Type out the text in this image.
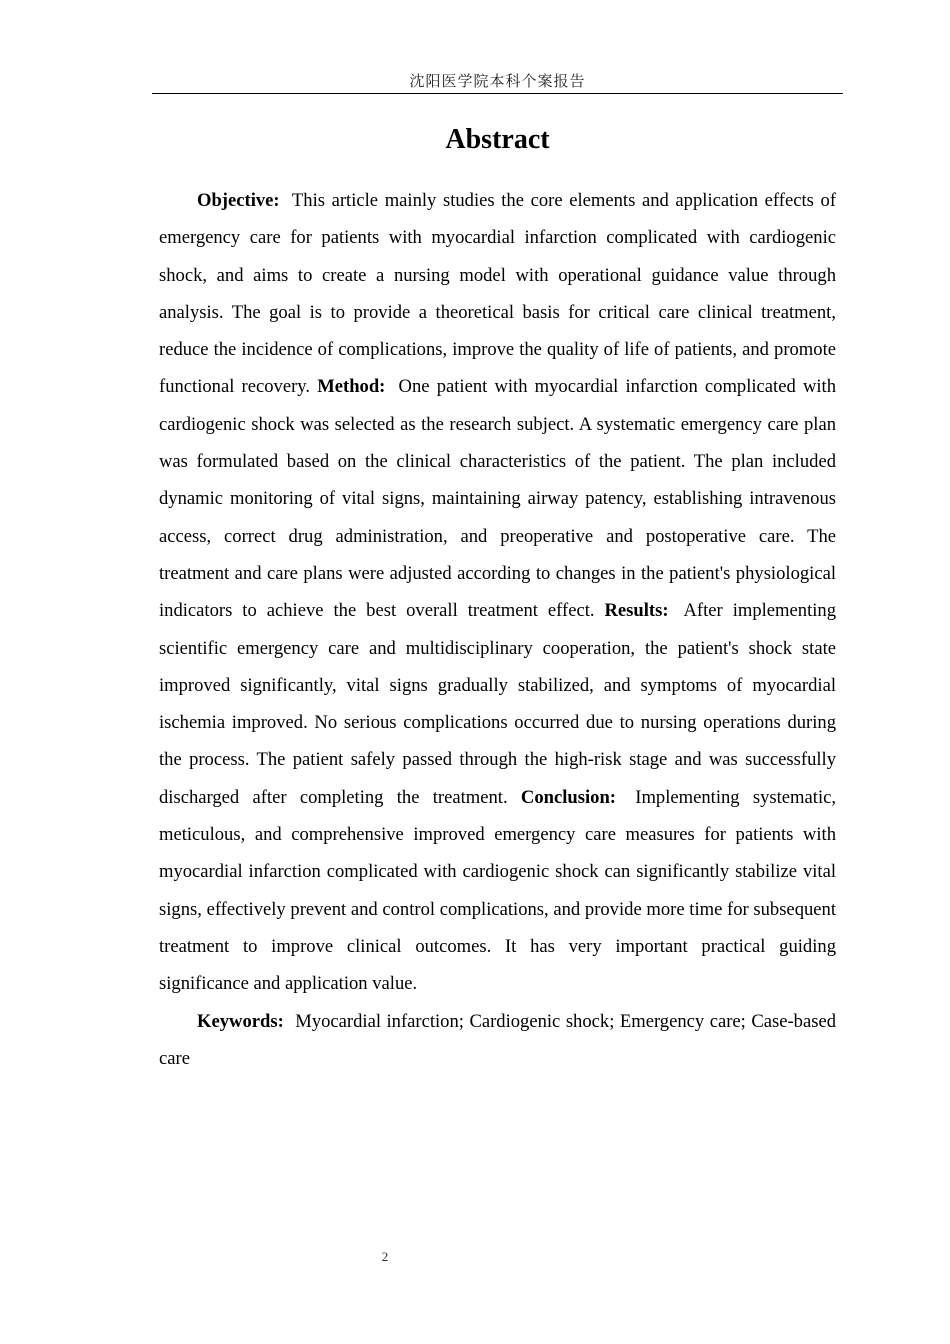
沈阳医学院本科个案报告
Abstract

Objective: This article mainly studies the core elements and application effects of emergency care for patients with myocardial infarction complicated with cardiogenic shock, and aims to create a nursing model with operational guidance value through analysis. The goal is to provide a theoretical basis for critical care clinical treatment, reduce the incidence of complications, improve the quality of life of patients, and promote functional recovery. Method: One patient with myocardial infarction complicated with cardiogenic shock was selected as the research subject. A systematic emergency care plan was formulated based on the clinical characteristics of the patient. The plan included dynamic monitoring of vital signs, maintaining airway patency, establishing intravenous access, correct drug administration, and preoperative and postoperative care. The treatment and care plans were adjusted according to changes in the patient's physiological indicators to achieve the best overall treatment effect. Results: After implementing scientific emergency care and multidisciplinary cooperation, the patient's shock state improved significantly, vital signs gradually stabilized, and symptoms of myocardial ischemia improved. No serious complications occurred due to nursing operations during the process. The patient safely passed through the high-risk stage and was successfully discharged after completing the treatment. Conclusion: Implementing systematic, meticulous, and comprehensive improved emergency care measures for patients with myocardial infarction complicated with cardiogenic shock can significantly stabilize vital signs, effectively prevent and control complications, and provide more time for subsequent treatment to improve clinical outcomes. It has very important practical guiding significance and application value.

Keywords: Myocardial infarction; Cardiogenic shock; Emergency care; Case-based care

2
